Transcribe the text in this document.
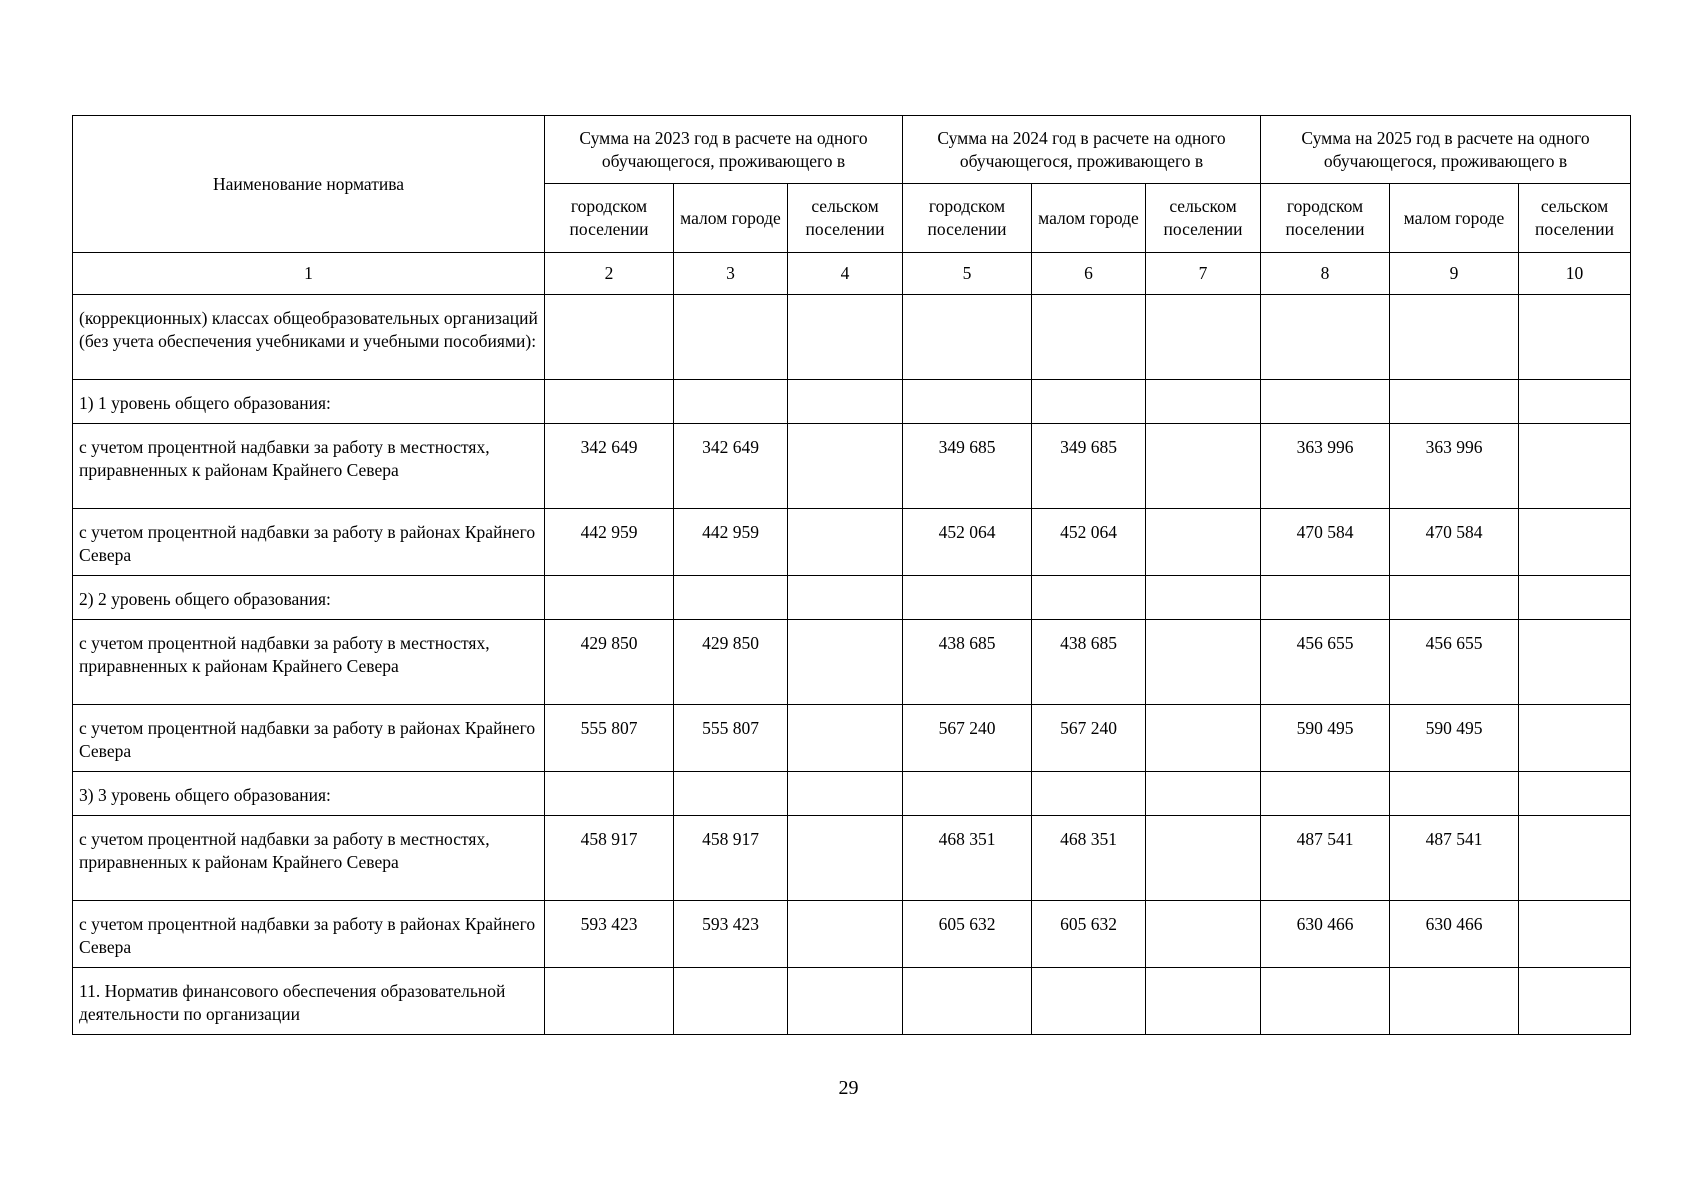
Наименование норматива	Сумма на 2023 год в расчете на одного обучающегося, проживающего в			Сумма на 2024 год в расчете на одного обучающегося, проживающего в			Сумма на 2025 год в расчете на одного обучающегося, проживающего в		
	городском поселении	малом городе	сельском поселении	городском поселении	малом городе	сельском поселении	городском поселении	малом городе	сельском поселении
1	2	3	4	5	6	7	8	9	10
(коррекционных) классах общеобразовательных организаций (без учета обеспечения учебниками и учебными пособиями):									
1) 1 уровень общего образования:									
с учетом процентной надбавки за работу в местностях, приравненных к районам Крайнего Севера	342 649	342 649		349 685	349 685		363 996	363 996	
с учетом процентной надбавки за работу в районах Крайнего Севера	442 959	442 959		452 064	452 064		470 584	470 584	
2) 2 уровень общего образования:									
с учетом процентной надбавки за работу в местностях, приравненных к районам Крайнего Севера	429 850	429 850		438 685	438 685		456 655	456 655	
с учетом процентной надбавки за работу в районах Крайнего Севера	555 807	555 807		567 240	567 240		590 495	590 495	
3) 3 уровень общего образования:									
с учетом процентной надбавки за работу в местностях, приравненных к районам Крайнего Севера	458 917	458 917		468 351	468 351		487 541	487 541	
с учетом процентной надбавки за работу в районах Крайнего Севера	593 423	593 423		605 632	605 632		630 466	630 466	
11. Норматив финансового обеспечения образовательной деятельности по организации									
29
